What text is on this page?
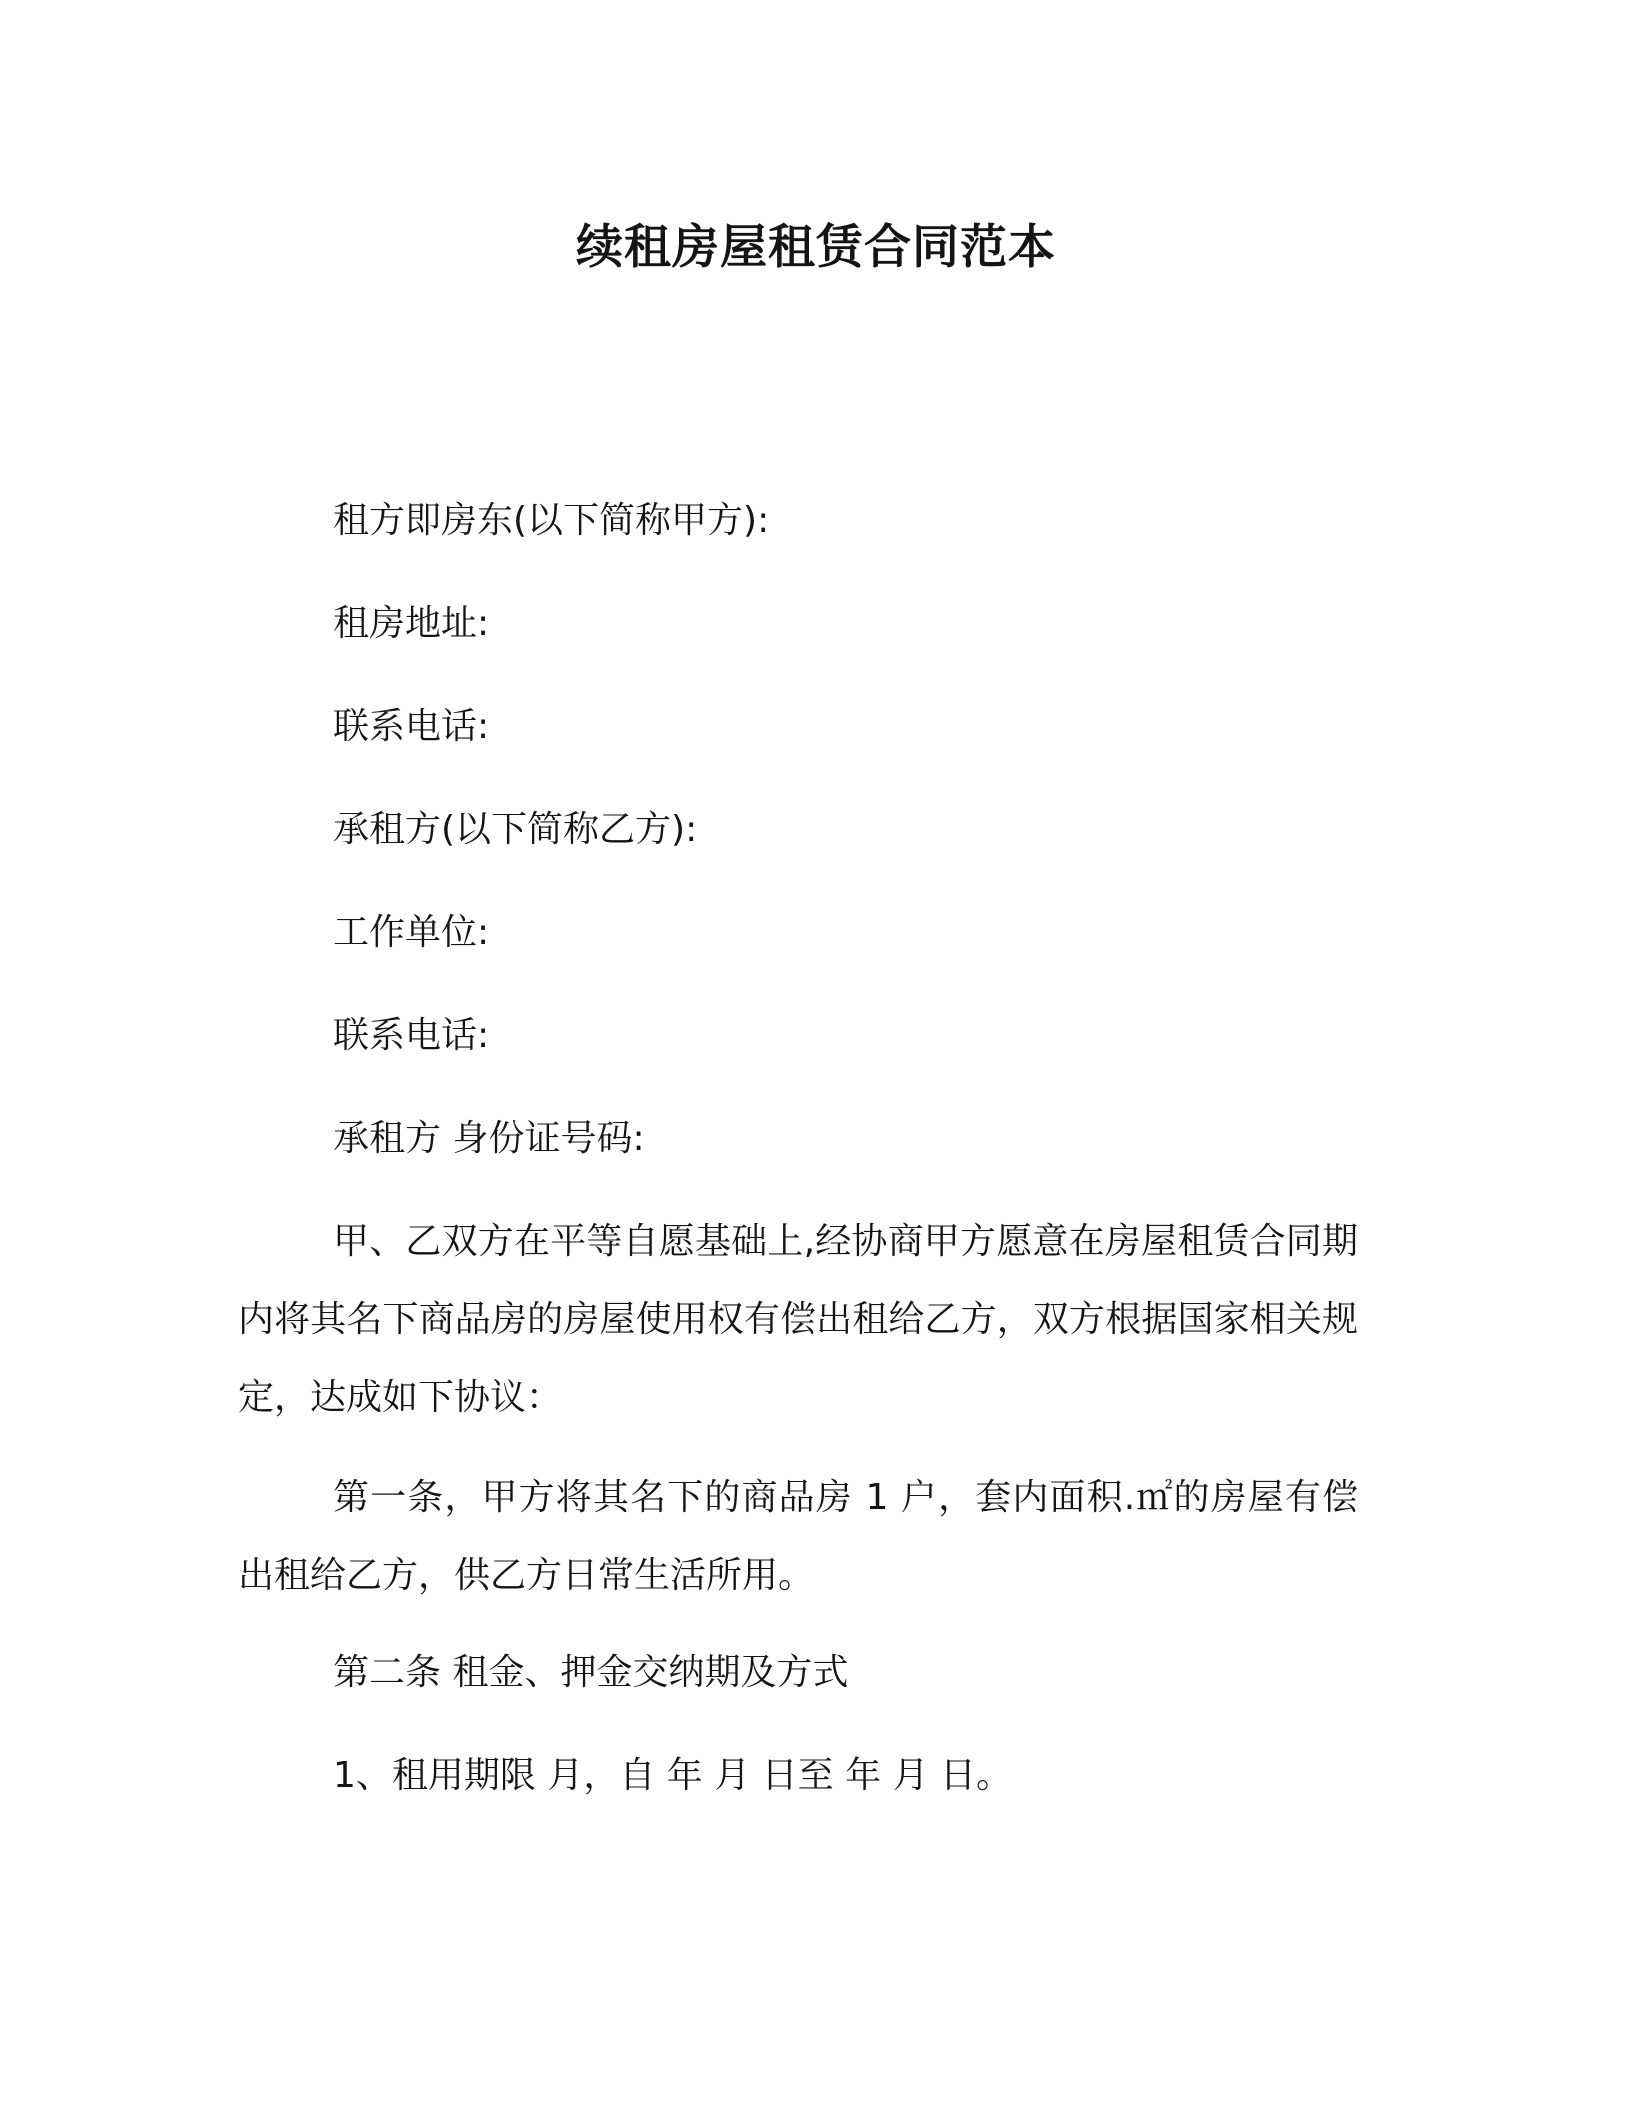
续租房屋租赁合同范本
租方即房东(以下简称甲方):
租房地址:
联系电话:
承租方(以下简称乙方):
工作单位:
联系电话:
承租方 身份证号码:
甲、乙双方在平等自愿基础上,经协商甲方愿意在房屋租赁合同期内将其名下商品房的房屋使用权有偿出租给乙方，双方根据国家相关规定，达成如下协议：
第一条，甲方将其名下的商品房 1 户，套内面积.㎡的房屋有偿出租给乙方，供乙方日常生活所用。
第二条 租金、押金交纳期及方式
1、租用期限 月，自 年 月 日至 年 月 日。
